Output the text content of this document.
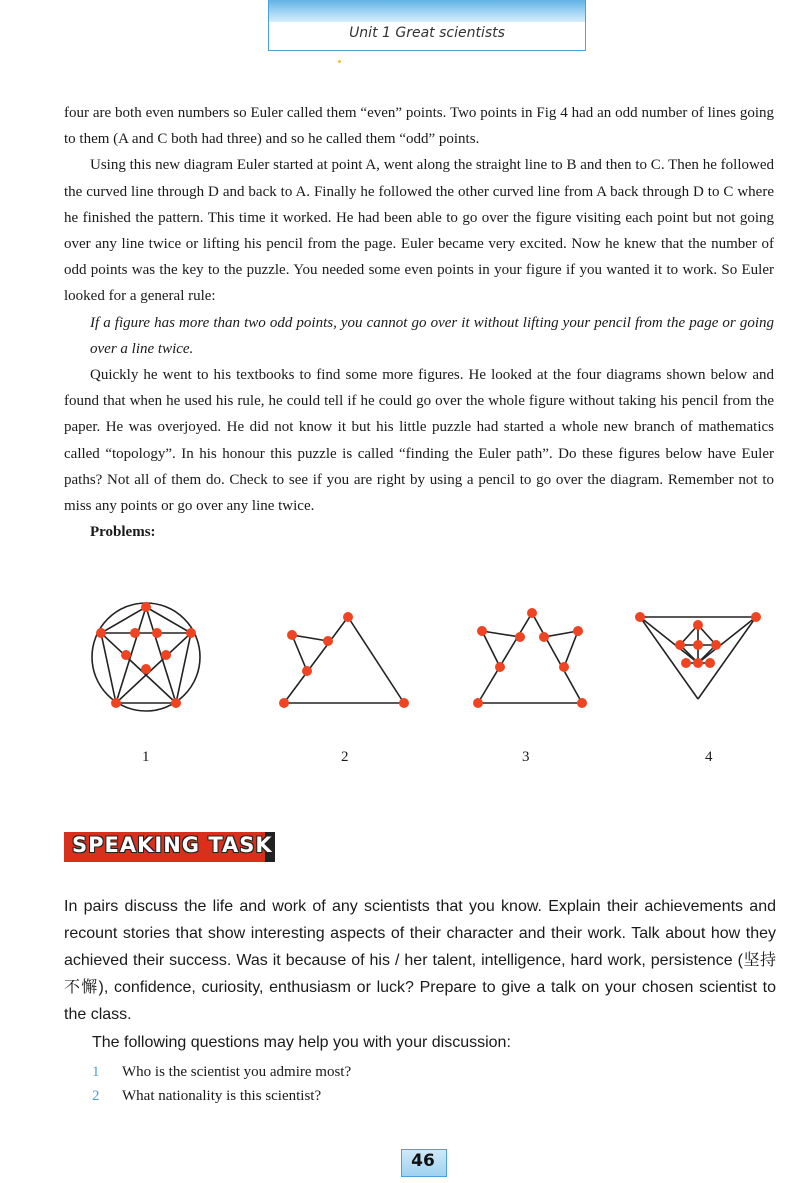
Unit 1 Great scientists

four are both even numbers so Euler called them “even” points. Two points in Fig 4 had an odd number of lines going to them (A and C both had three) and so he called them “odd” points.

Using this new diagram Euler started at point A, went along the straight line to B and then to C. Then he followed the curved line through D and back to A. Finally he followed the other curved line from A back through D to C where he finished the pattern. This time it worked. He had been able to go over the figure visiting each point but not going over any line twice or lifting his pencil from the page. Euler became very excited. Now he knew that the number of odd points was the key to the puzzle. You needed some even points in your figure if you wanted it to work. So Euler looked for a general rule:

If a figure has more than two odd points, you cannot go over it without lifting your pencil from the page or going over a line twice.

Quickly he went to his textbooks to find some more figures. He looked at the four diagrams shown below and found that when he used his rule, he could tell if he could go over the whole figure without taking his pencil from the paper. He was overjoyed. He did not know it but his little puzzle had started a whole new branch of mathematics called “topology”. In his honour this puzzle is called “finding the Euler path”. Do these figures below have Euler paths? Not all of them do. Check to see if you are right by using a pencil to go over the diagram. Remember not to miss any points or go over any line twice.

Problems:

1	2	3	4
SPEAKING TASK
In pairs discuss the life and work of any scientists that you know. Explain their achievements and recount stories that show interesting aspects of their character and their work. Talk about how they achieved their success. Was it because of his / her talent, intelligence, hard work, persistence (坚持不懈), confidence, curiosity, enthusiasm or luck? Prepare to give a talk on your chosen scientist to the class.
The following questions may help you with your discussion:
1	Who is the scientist you admire most?
2	What nationality is this scientist?
46
